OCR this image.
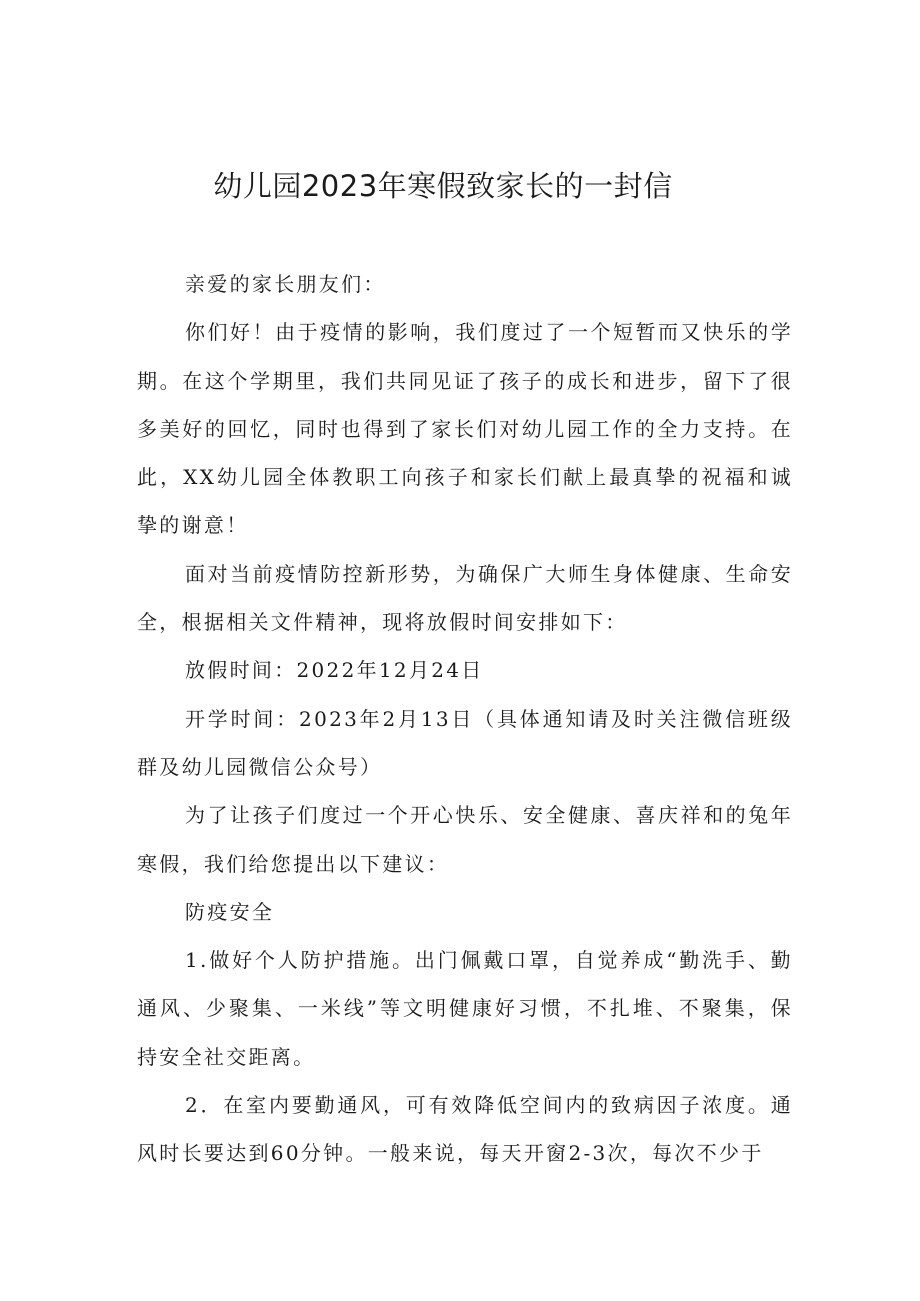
幼儿园2023年寒假致家长的一封信

亲爱的家长朋友们：

你们好！由于疫情的影响，我们度过了一个短暂而又快乐的学期。在这个学期里，我们共同见证了孩子的成长和进步，留下了很多美好的回忆，同时也得到了家长们对幼儿园工作的全力支持。在此，XX幼儿园全体教职工向孩子和家长们献上最真挚的祝福和诚挚的谢意！

面对当前疫情防控新形势，为确保广大师生身体健康、生命安全，根据相关文件精神，现将放假时间安排如下：

放假时间：2022年12月24日

开学时间：2023年2月13日（具体通知请及时关注微信班级群及幼儿园微信公众号）

为了让孩子们度过一个开心快乐、安全健康、喜庆祥和的兔年寒假，我们给您提出以下建议：

防疫安全

1.做好个人防护措施。出门佩戴口罩，自觉养成“勤洗手、勤通风、少聚集、一米线”等文明健康好习惯，不扎堆、不聚集，保持安全社交距离。

2．在室内要勤通风，可有效降低空间内的致病因子浓度。通风时长要达到60分钟。一般来说，每天开窗2-3次，每次不少于
